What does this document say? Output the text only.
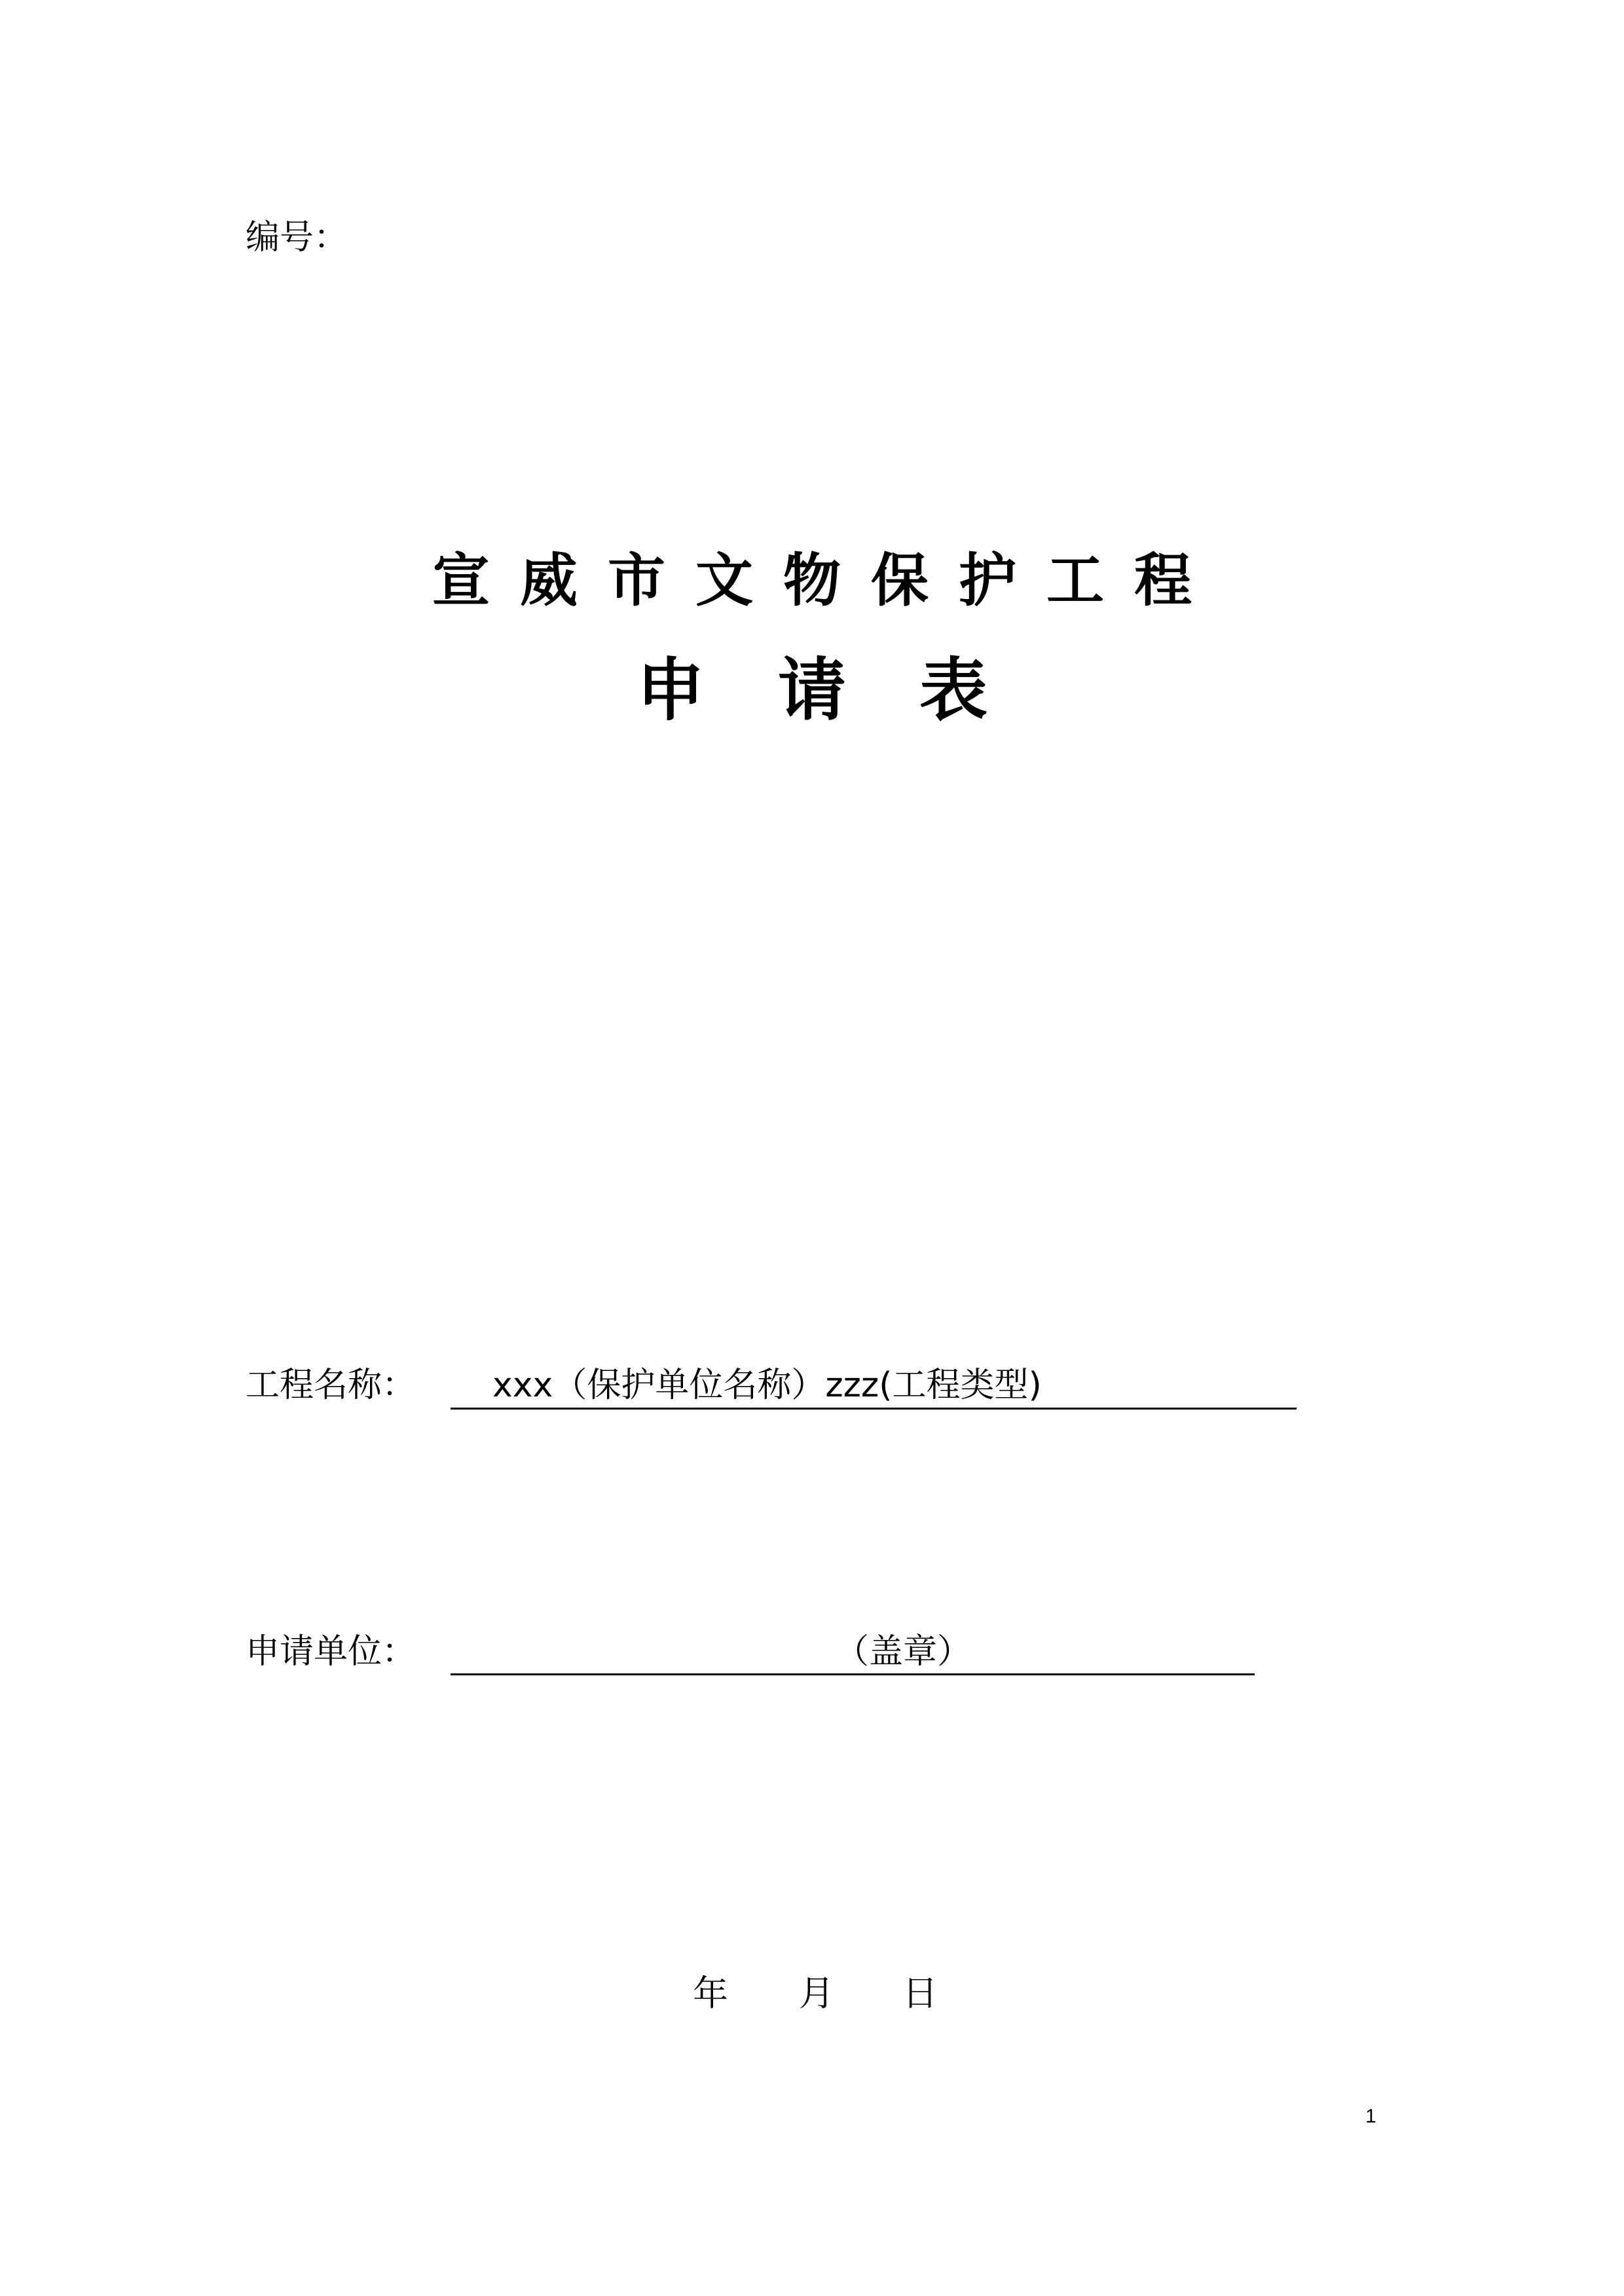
编号：
宣威市文物保护工程
申请表
工程名称： xxx（保护单位名称）zzz(工程类型)
申请单位：	（盖章）
年 月 日
1
